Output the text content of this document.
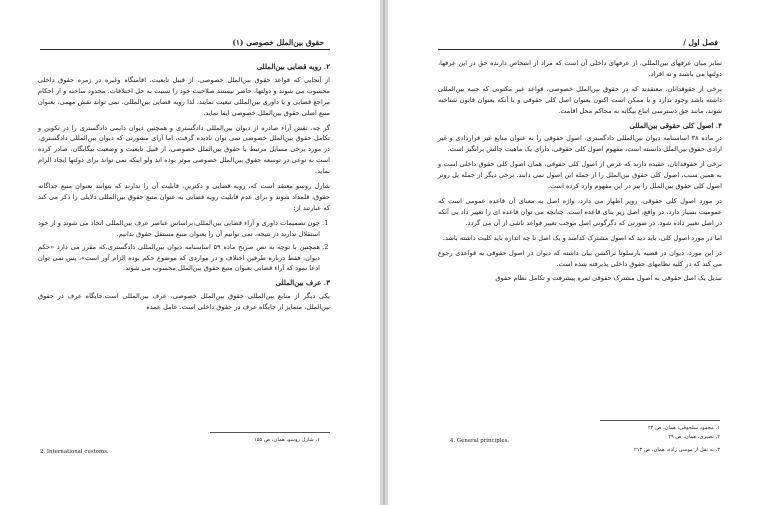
حقوق بین‌الملل خصوصی (۱)
۲. رویه قضایی بین‌المللی

از آنجایی که قواعد حقوق بین‌الملل خصوصی، از قبیل تابعیت، اقامتگاه وغیره در زمره حقوق داخلی محسوب می شوند و دولتها، حاضر نیستند صلاحیت خود را نسبت به حل اختلافات، محدود ساخته و از احکام مراجع قضایی و یا داوری بین‌المللی تبعیت نمایند، لذا رویه قضایی بین‌المللی، نمی تواند نقش مهمی، بعنوان منبع اصلی حقوق بین‌الملل خصوصی ایفا نماید.

گر چه، نقش آراء صادره از دیوان بین‌المللی دادگستری و همچنین دیوان دایمی دادگستری را در تکوین و تکامل حقوق بین‌الملل خصوصی نمی توان نادیده گرفت، اما آرای مشورتی که دیوان بین‌المللی دادگستری، در مورد برخی مسایل مرتبط با حقوق بین‌الملل خصوصی، از قبیل تابعیت و وضعیت بیگانگان، صادر کرده است به نوعی در توسعه حقوق بین‌الملل خصوصی موثر بوده اند ولو اینکه نمی تواند برای دولتها ایجاد الزام نماید.

شارل روسو معتقد است که، رویه قضایی و دکترین، قابلیت آن را ندارند که بتوانند بعنوان منبع جداگانه حقوق، قلمداد شوند و برای عدم قابلیت رویه قضایی به عنوان منبع حقوق بین‌المللی دلایلی را ذکر می کند که عبارتند از:

1. چون تصمیمات داوری و آراء قضایی بین‌المللی،براساس عناصر عرف بین‌المللی اتخاذ می شوند و از خود استقلال ندارند در نتیجه، نمی توانیم آن را بعنوان منبع مستقل حقوق بدانیم.
2. همچنین با توجه به نص صریح ماده ۵۹ اساسنامه دیوان بین‌المللی دادگستری،که مقرر می دارد «حکم دیوان، فقط درباره طرفین اختلاف و در مواردی که موضوع حکم بوده الزام آور است»، پس نمی توان ادعا نمود که آراء قضایی بعنوان منبع حقوق بین‌الملل محسوب می شوند.
۳. عرف بین‌المللی

یکی دیگر از منابع بین‌المللی حقوق بین‌الملل خصوصی، عرف بین‌المللی است.جایگاه عرف در حقوق بین‌الملل، متمایز از جایگاه عرف در حقوق داخلی است. عامل عمده

۱. شارل روسو، همان، ص ۱۵۵
2. International customs.
فصل اول /

تمایز میان عرفهای بین‌المللی، از عرفهای داخلی آن است که مراد از اشخاص دارنده حق در این عرفها، دولتها می باشند و نه افراد.

برخی از حقوقدانان، معتقدند که در حقوق بین‌الملل خصوصی، قواعد غیر مکتوبی که جنبه بین‌المللی داشته باشد وجود ندارد و یا ممکن است اکنون بعنوان اصل کلی حقوقی و یا آنکه بعنوان قانون شناخته شوند، مانند حق دسترسی اتباع بیگانه به محاکم محل اقامت.

۴. اصول کلی حقوقی بین‌المللی

در ماده ۳۸ اساسنامه دیوان بین‌المللی دادگستری، اصول حقوقی را به عنوان منابع غیر قراردادی و غیر ارادی حقوق بین‌الملل دانسته است، مفهوم اصول کلی حقوقی، دارای یک ماهیت چالش برانگیز است.

برخی از حقوقدانان، عقیده دارند که غرض از اصول کلی حقوقی، همان اصول کلی حقوق داخلی است و به همین سبب، اصول کلی حقوق بین‌الملل را از جمله این اصول نمی دانند. برخی دیگر از جمله پل روتر اصول کلی حقوق بین‌الملل را نیز در این مفهوم وارد کرده است.

در مورد اصول کلی حقوقی، روپر اظهار می دارد، واژه اصل به معنای آن قاعده عمومی است که عمومیت بسیار دارد، در واقع، اصل زیر بنای قاعده است. چنانچه می توان قاعده ای را تغییر داد بی آنکه در اصل تغییر داده شود. در صورتی که دگرگونی اصل موجب تغییر قواعد ناشی از آن می گردد.

اما در مورد اصول کلی، باید دید که اصول مشترک کدامند و یک اصل تا چه اندازه باید کلیت داشته باشد.

در این مورد، دیوان در قضیه بارسلونا تراکشن بیان داشته که دیوان در اصول حقوقی به قواعدی رجوع می کند که در کلیه نظامهای حقوق داخلی پذیرفته شده است.

تبدیل یک اصل حقوقی به اصول مشترک حقوقی ثمره پیشرفت و تکامل نظام حقوق

۱. محمود سلجوقی، همان، ص ۲۴
۲. نصیری، همان، ص ۲۹
۳. به نقل از موسی زاده، همان، ص ۲۱۳
4. General principles.
